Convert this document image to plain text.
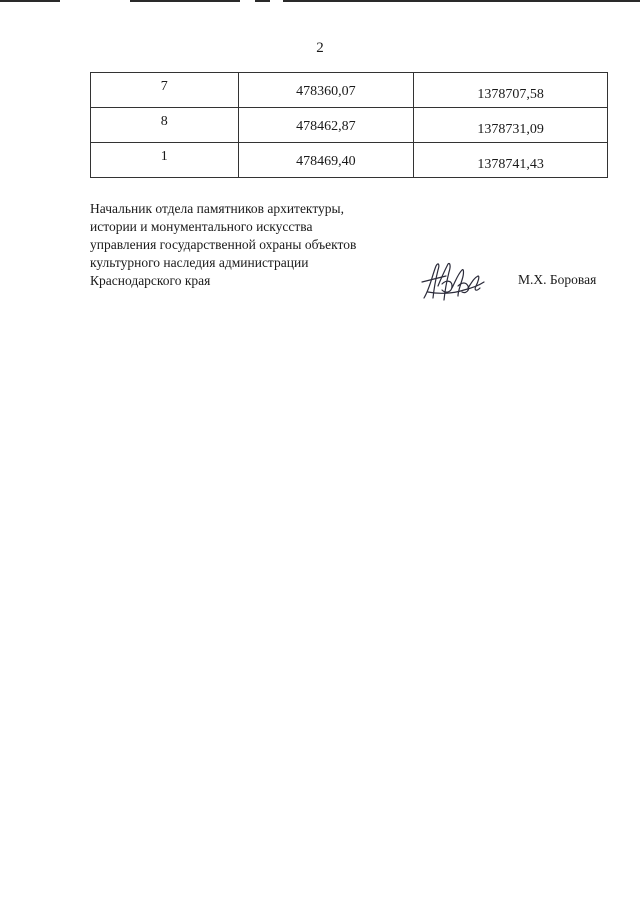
2
7	478360,07	1378707,58
8	478462,87	1378731,09
1	478469,40	1378741,43
Начальник отдела памятников архитектуры,
истории и монументального искусства
управления государственной охраны объектов
культурного наследия администрации
Краснодарского края	М.Х. Боровая
